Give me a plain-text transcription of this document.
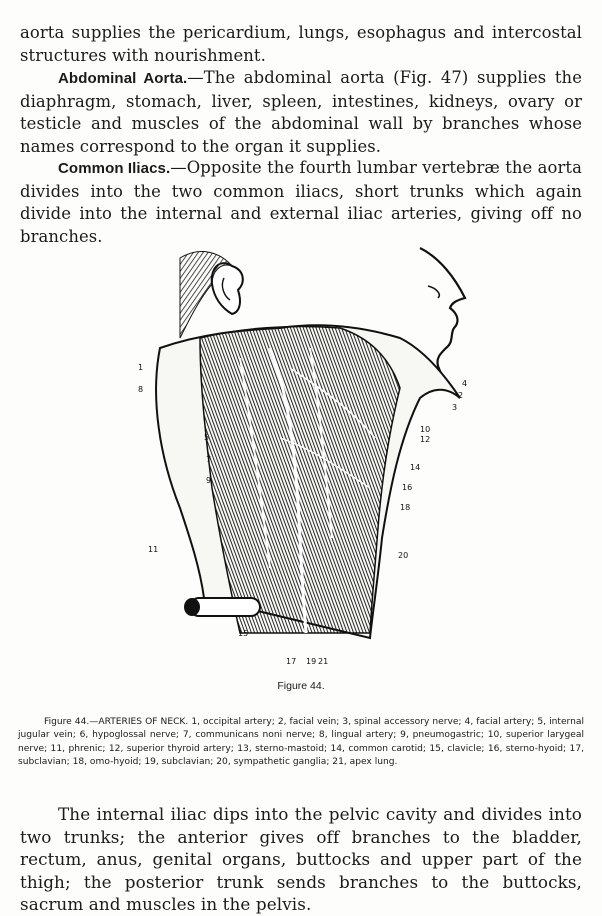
aorta supplies the pericardium, lungs, esophagus and intercostal structures with nourishment.

Abdominal Aorta.—The abdominal aorta (Fig. 47) supplies the diaphragm, stomach, liver, spleen, intestines, kidneys, ovary or testicle and muscles of the abdominal wall by branches whose names correspond to the organ it supplies.

Common Iliacs.—Opposite the fourth lumbar vertebræ the aorta divides into the two common iliacs, short trunks which again divide into the internal and external iliac arteries, giving off no branches.

1
8
5
7
9
11
15
17 19 21
20
18
16
14
12
10
3
2
4
Figure 44.

Figure 44.—ARTERIES OF NECK. 1, occipital artery; 2, facial vein; 3, spinal accessory nerve; 4, facial artery; 5, internal jugular vein; 6, hypoglossal nerve; 7, communicans noni nerve; 8, lingual artery; 9, pneumogastric; 10, superior larygeal nerve; 11, phrenic; 12, superior thyroid artery; 13, sterno-mastoid; 14, common carotid; 15, clavicle; 16, sterno-hyoid; 17, subclavian; 18, omo-hyoid; 19, subclavian; 20, sympathetic ganglia; 21, apex lung.

The internal iliac dips into the pelvic cavity and divides into two trunks; the anterior gives off branches to the bladder, rectum, anus, genital organs, buttocks and upper part of the thigh; the posterior trunk sends branches to the buttocks, sacrum and muscles in the pelvis.
